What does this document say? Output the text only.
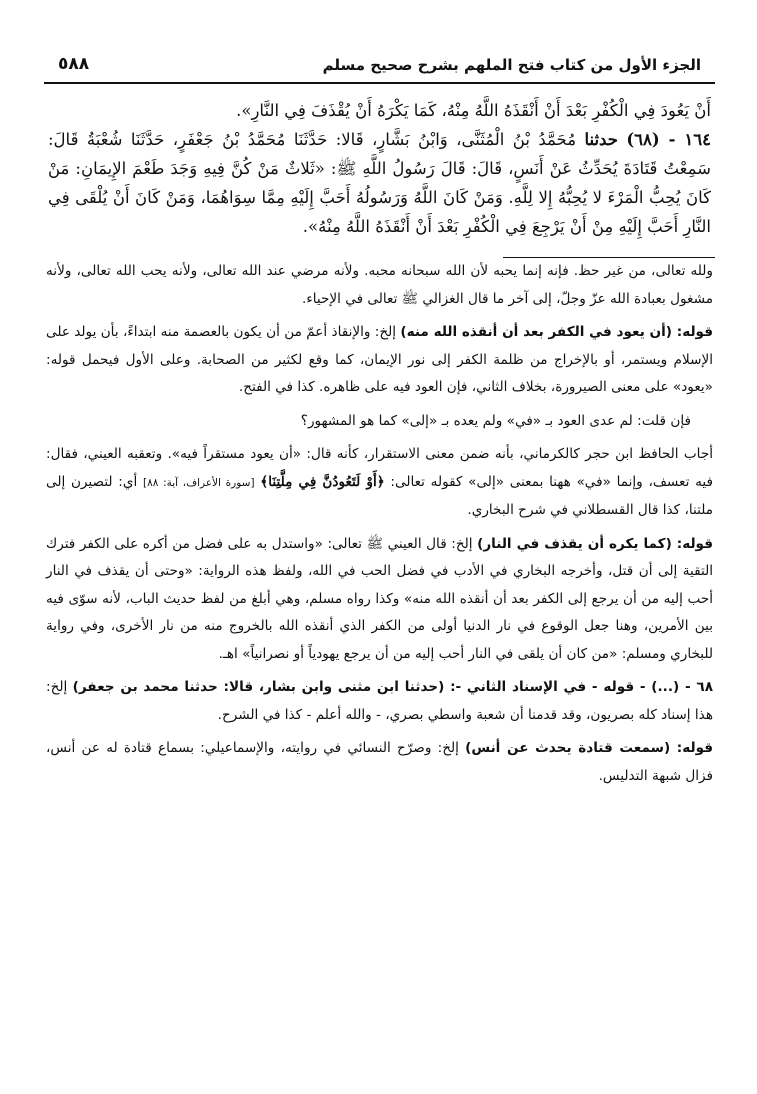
الجزء الأول من كتاب فتح الملهم بشرح صحيح مسلم
٥٨٨

أَنْ يَعُودَ فِي الْكُفْرِ بَعْدَ أَنْ أَنْقَذَهُ اللَّهُ مِنْهُ، كَمَا يَكْرَهُ أَنْ يُقْذَفَ فِي النَّارِ».

١٦٤ - (٦٨) حدثنا مُحَمَّدُ بْنُ الْمُثَنَّى، وَابْنُ بَشَّارٍ، قَالا: حَدَّثَنَا مُحَمَّدُ بْنُ جَعْفَرٍ، حَدَّثَنَا شُعْبَةُ قَالَ: سَمِعْتُ قَتَادَةَ يُحَدِّثُ عَنْ أَنَسٍ، قَالَ: قَالَ رَسُولُ اللَّهِ ﷺ: «ثَلاثٌ مَنْ كُنَّ فِيهِ وَجَدَ طَعْمَ الإِيمَانِ: مَنْ كَانَ يُحِبُّ الْمَرْءَ لا يُحِبُّهُ إِلا لِلَّهِ. وَمَنْ كَانَ اللَّهُ وَرَسُولُهُ أَحَبَّ إِلَيْهِ مِمَّا سِوَاهُمَا، وَمَنْ كَانَ أَنْ يُلْقَى فِي النَّارِ أَحَبَّ إِلَيْهِ مِنْ أَنْ يَرْجِعَ فِي الْكُفْرِ بَعْدَ أَنْ أَنْقَذَهُ اللَّهُ مِنْهُ».

ولله تعالى، من غير حظ. فإنه إنما يحبه لأن الله سبحانه محبه. ولأنه مرضي عند الله تعالى، ولأنه يحب الله تعالى، ولأنه مشغول بعبادة الله عزّ وجلّ، إلى آخر ما قال الغزالي ﷺ تعالى في الإحياء.

قوله: (أن يعود في الكفر بعد أن أنقذه الله منه) إلخ: والإنقاذ أعمّ من أن يكون بالعصمة منه ابتداءً، بأن يولد على الإسلام ويستمر، أو بالإخراج من ظلمة الكفر إلى نور الإيمان، كما وقع لكثير من الصحابة. وعلى الأول فيحمل قوله: «يعود» على معنى الصيرورة، بخلاف الثاني، فإن العود فيه على ظاهره. كذا في الفتح.

فإن قلت: لم عدى العود بـ «في» ولم يعده بـ «إلى» كما هو المشهور؟

أجاب الحافظ ابن حجر كالكرماني، بأنه ضمن معنى الاستقرار، كأنه قال: «أن يعود مستقراً فيه». وتعقبه العيني، فقال: فيه تعسف، وإنما «في» ههنا بمعنى «إلى» كقوله تعالى: ﴿أَوْ لَتَعُودُنَّ فِي مِلَّتِنَا﴾ [سورة الأعراف، آية: ٨٨] أي: لتصيرن إلى ملتنا، كذا قال القسطلاني في شرح البخاري.

قوله: (كما يكره أن يقذف في النار) إلخ: قال العيني ﷺ تعالى: «واستدل به على فضل من أكره على الكفر فترك التقية إلى أن قتل، وأخرجه البخاري في الأدب في فضل الحب في الله، ولفظ هذه الرواية: «وحتى أن يقذف في النار أحب إليه من أن يرجع إلى الكفر بعد أن أنقذه الله منه» وكذا رواه مسلم، وهي أبلغ من لفظ حديث الباب، لأنه سوّى فيه بين الأمرين، وهنا جعل الوقوع في نار الدنيا أولى من الكفر الذي أنقذه الله بالخروج منه من نار الأخرى، وفي رواية للبخاري ومسلم: «من كان أن يلقى في النار أحب إليه من أن يرجع يهودياً أو نصرانياً» اهـ.

٦٨ - (...) - قوله - في الإسناد الثاني -: (حدثنا ابن مثنى وابن بشار، قالا: حدثنا محمد بن جعفر) إلخ: هذا إسناد كله بصريون، وقد قدمنا أن شعبة واسطي بصري، - والله أعلم - كذا في الشرح.

قوله: (سمعت قتادة يحدث عن أنس) إلخ: وصرّح النسائي في روايته، والإسماعيلي: بسماع قتادة له عن أنس، فزال شبهة التدليس.
